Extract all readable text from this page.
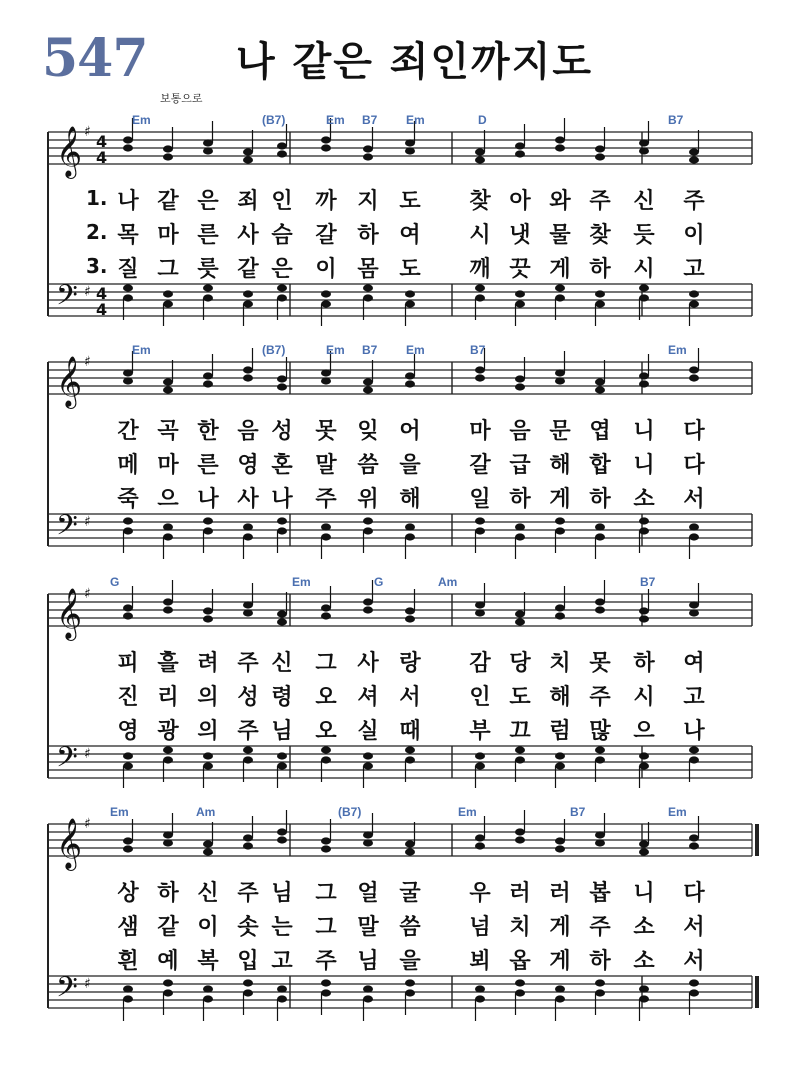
547 나 같은 죄인까지도
보통으로
𝄞
𝄢
♯
♯
4
4
4
4
Em	(B7)	Em B7 Em	D	B7
1. 나 같 은 죄 인	까 지 도	찾 아 와 주	신	주
2. 목 마 른 사 슴	갈 하 여	시 냇 물 찾	듯	이
3. 질 그 릇 같 은	이 몸 도	깨 끗 게 하	시	고
𝄞
𝄢
♯
♯
Em	(B7)	Em B7 Em	B7	Em
간 곡 한 음 성	못 잊 어	마 음 문 엽	니	다
메 마 른 영 혼	말 씀 을	갈 급 해 합	니	다
죽 으 나 사 나	주 위 해	일 하 게 하	소	서
𝄞
𝄢
♯
♯
G	Em	G	Am	B7
피 흘 려 주 신	그 사 랑	감 당 치 못	하	여
진 리 의 성 령	오 셔 서	인 도 해 주	시	고
영 광 의 주 님	오 실 때	부 끄 럼 많	으	나
𝄞
𝄢
♯
♯
Em	Am	(B7)	Em	B7	Em
상 하 신 주 님	그 얼 굴	우 러 러 봅	니	다
샘 같 이 솟 는	그 말 씀	넘 치 게 주	소	서
흰 예 복 입 고	주 님 을	뵈 옵 게 하	소	서
